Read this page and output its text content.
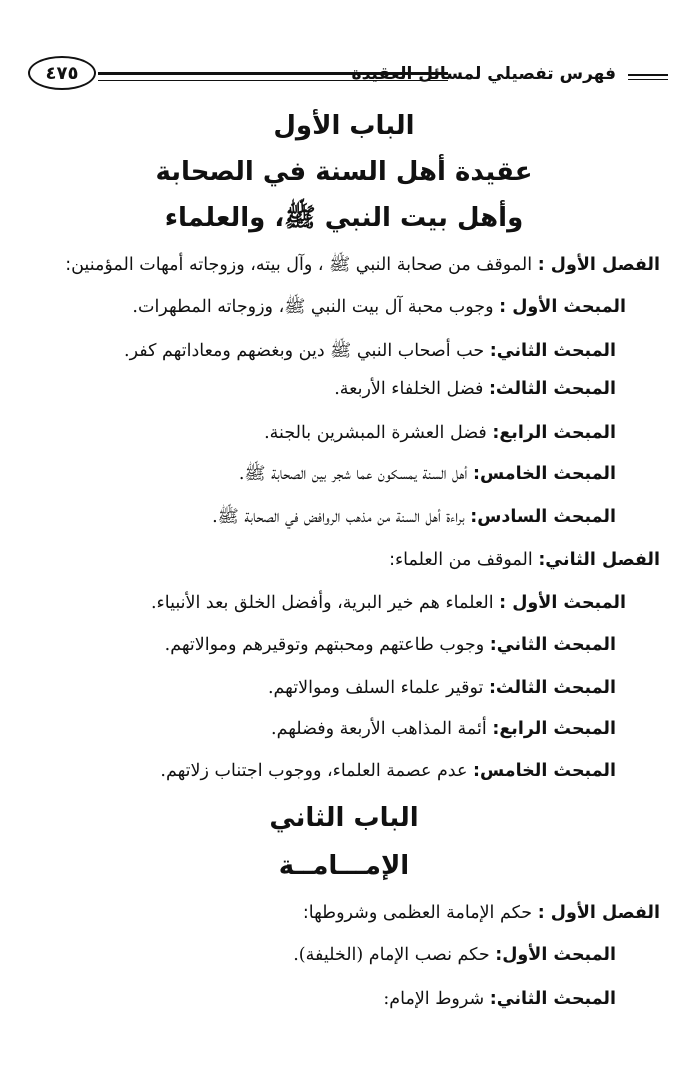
فهرس تفصيلي لمسائل العقيدة
٤٧٥
الباب الأول
عقيدة أهل السنة في الصحابة
وأهل بيت النبي ﷺ، والعلماء
الفصل الأول : الموقف من صحابة النبي ﷺ ، وآل بيته، وزوجاته أمهات المؤمنين:
المبحث الأول : وجوب محبة آل بيت النبي ﷺ، وزوجاته المطهرات.
المبحث الثاني: حب أصحاب النبي ﷺ دين وبغضهم ومعاداتهم كفر.
المبحث الثالث: فضل الخلفاء الأربعة.
المبحث الرابع: فضل العشرة المبشرين بالجنة.
المبحث الخامس: أهل السنة يمسكون عما شجر بين الصحابة ﷺ.
المبحث السادس: براءة أهل السنة من مذهب الروافض في الصحابة ﷺ.
الفصل الثاني: الموقف من العلماء:
المبحث الأول : العلماء هم خير البرية، وأفضل الخلق بعد الأنبياء.
المبحث الثاني: وجوب طاعتهم ومحبتهم وتوقيرهم وموالاتهم.
المبحث الثالث: توقير علماء السلف وموالاتهم.
المبحث الرابع: أئمة المذاهب الأربعة وفضلهم.
المبحث الخامس: عدم عصمة العلماء، ووجوب اجتناب زلاتهم.
الباب الثاني
الإمـــامــة
الفصل الأول : حكم الإمامة العظمى وشروطها:
المبحث الأول: حكم نصب الإمام (الخليفة).
المبحث الثاني: شروط الإمام:
